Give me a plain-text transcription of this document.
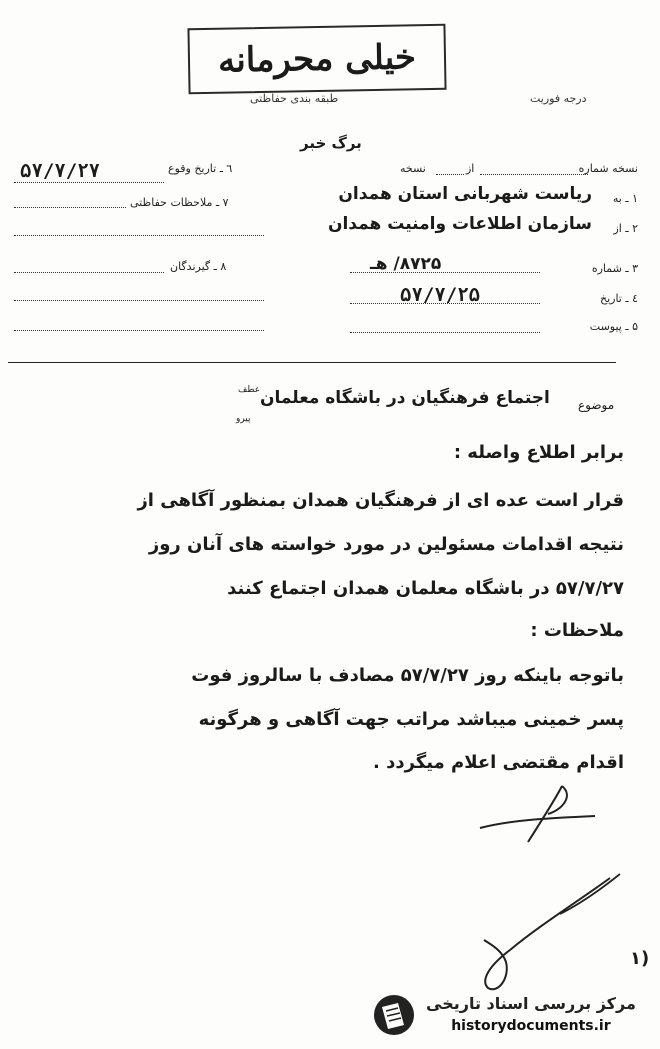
خیلی محرمانه
طبقه بندی حفاظتی	درجه فوریت
برگ خبر
نسخه شماره
از
نسخه
۱ ـ به
ریاست شهربانی استان همدان
۲ ـ از
سازمان اطلاعات وامنیت همدان
۳ ـ شماره
۸۷۲۵/ هـ
٤ ـ تاریخ
۵۷/۷/۲۵
۵ ـ پیوست
٦ ـ تاریخ وقوع
۵۷/۷/۲۷
۷ ـ ملاحظات حفاظتی
۸ ـ گیرندگان
موضوع
اجتماع فرهنگیان در باشگاه معلمان
عطف
پیرو
برابر اطلاع واصله :
قرار است عده ای از فرهنگیان همدان بمنظور آگاهی از
نتیجه اقدامات مسئولین در مورد خواسته های آنان روز
۵۷/۷/۲۷ در باشگاه معلمان همدان اجتماع کنند
ملاحظات :
باتوجه باینکه روز ۵۷/۷/۲۷ مصادف با سالروز فوت
پسر خمینی میباشد مراتب جهت آگاهی و هرگونه
اقدام مقتضی اعلام میگردد .
(۱
مرکز بررسی اسناد تاریخی
historydocuments.ir
